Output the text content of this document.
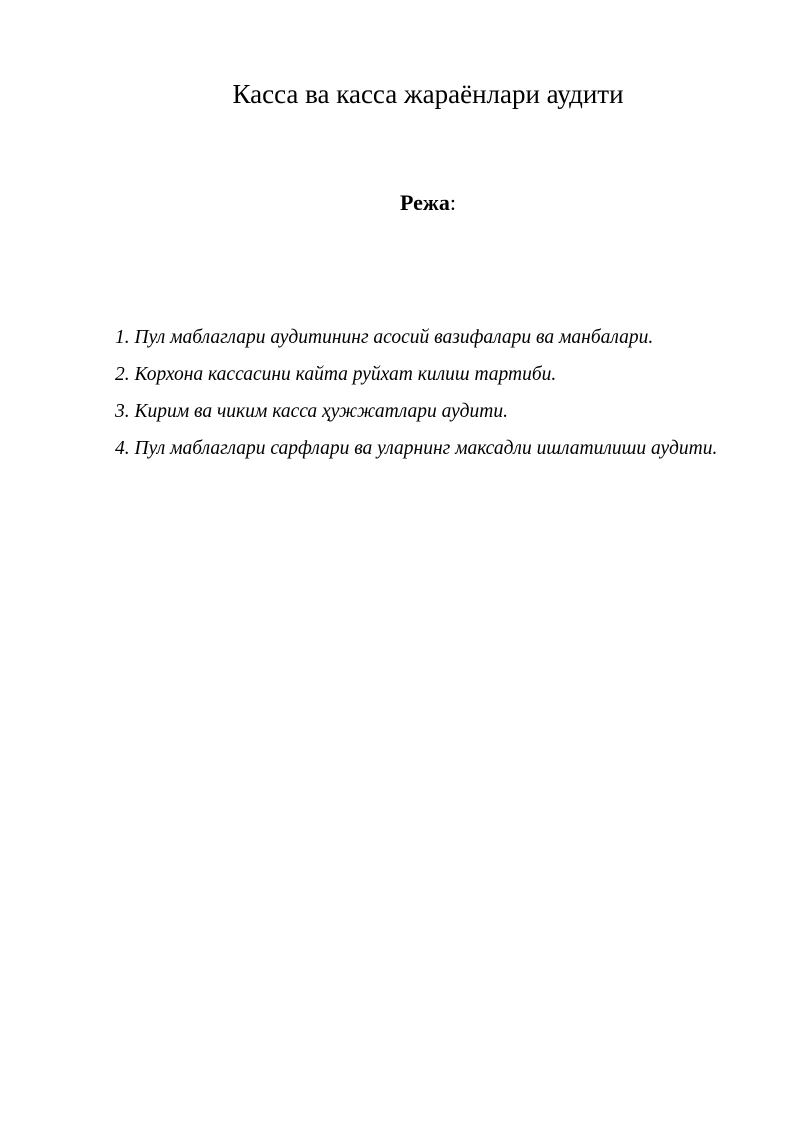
Касса ва касса жараёнлари аудити

Режа:

1. Пул маблаглари аудитининг асосий вазифалари ва манбалари.
2. Корхона кассасини кайта руйхат килиш тартиби.
3. Кирим ва чиким касса ҳужжатлари аудити.
4. Пул маблаглари сарфлари ва уларнинг максадли ишлатилиши аудити.
